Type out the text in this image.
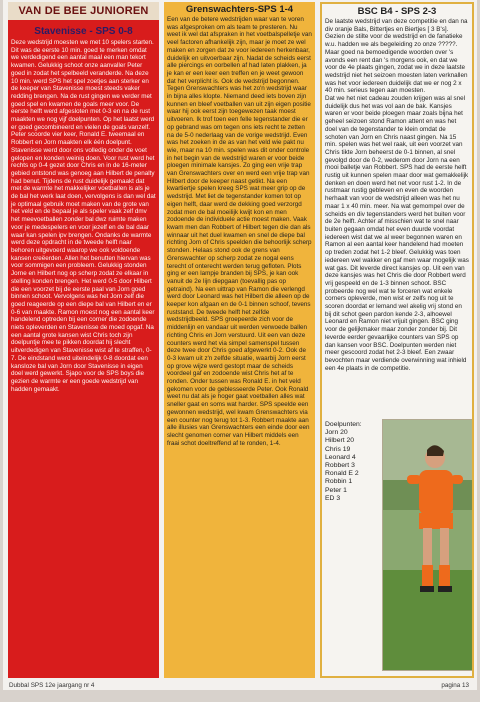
VAN DE BEE JUNIOREN
Stavenisse - SPS 0-8

Deze wedstrijd moesten we met 10 spelers starten. Dit was de eerste 10 min. goed te merken omdat we verdedigend een aantal maal een man tekort kwamen. Gelukkig schoot onze aanvaller Peter goed in zodat het spelbeeld veranderde. Na deze 10 min. werd SPS het spel zoetjes aan sterker en de keeper van Stavenisse moest steeds vaker redding brengen. Na de rust gingen we verder met goed spel en kwamen de goals meer voor. De eerste helft werd afgesloten met 0-3 en na de rust maakten we nog vijf doelpunten. Op het laatst werd er goed gecombineerd en vielen de goals vanzelf. Peter scoorde vier keer, Ronald E. tweemaal en Robbert en Jorn maakten elk één doelpunt. Stavenisse werd door ons volledig onder de voet gelopen en konden weinig doen. Voor rust werd het rechts op 0-4 gezet door Chris en in de 16-meter gebied ontstond was genoeg aan Hilbert de penalty had benut. Tijdens de rust duidelijk gemaakt dat met de warmte het makkelijker voetballen is als je de bal het werk laat doen, vervolgens is dan wel dat je optimaal gebruik moet maken van de grote van het veld en de bepaal je als speler vaak zelf dmv het meevoetballen zonder bal dwz ruimte maken voor je medespelers en voor jezelf en de bal daar waar kan spelen ipv brengen. Ondanks de warmte werd deze opdracht in de tweede helft naar behoren uitgevoerd waarop we ook voldoende kansen creëerden. Allen het benutten hiervan was voor sommigen een probleem. Gelukkig stonden Jorne en Hilbert nog op scherp zodat ze elkaar in stelling konden brengen. Het werd 0-5 door Hilbert die een voorzet bij de eerste paal van Jorn goed binnen schoot. Vervolgens was het Jorn zelf die goed reageerde op een diepe bal van Hilbert en er 0-6 van maakte. Ramon moest nog een aantal keer handelend optreden bij een corner die zodoende niets opleverden en Stavenisse de moed opgaf. Na een aantal grote kansen wist Chris toch zijn doelpuntje mee te pikken doordat hij slecht uitverdedigen van Stavenisse wist af te straffen, 0-7. De eindstand werd uiteindelijk 0-8 doordat een kansloze bal van Jorn door Stavenisse in eigen doel werd gewerkt. Sjapo voor de SPS boys die gezien de warmte er een goede wedstrijd van hadden gemaakt.

Grenswachters-SPS 1-4

Een van de betere wedstrijden waar van te voren was afgesproken om als team te presteren. Nu weet ik wel dat afspraken in het voetbalspelletje van veel factoren afhankelijk zijn, maar je moet ze wel maken en zorgen dat ze voor iedereen herkenbaar, duidelijk en uitvoerbaar zijn. Nadat de scheids eerst alle piercings en oorbellen af had laten plakken, ja je kan er een keer een treffen en je weet gewoon dat het verplicht is. Ook de wedstrijd begonnen. Tegen Grenswachters was het zo'n wedstrijd waar in bijna alles klopte. Niemand deed iets boven zijn kunnen en bleef voetballen van uit zijn eigen positie waar hij ook eerst zijn toegewezen taak moest uitvoeren. Ik trof toen een felle tegenstander die er op gebrand was om tegen ons iets recht te zetten na de 5-0 nederlaag van de vorige wedstrijd. Even was het zoeken in de as van het veld wie pakt nu wie, maar na 10 min. spelen was dit onder controle in het begin van de wedstrijd waren er voor beide ploegen minimale kansjes. Zo ging een vrije trap van Grenswachters over en werd een vrije trap van Hilbert door de keeper naast getikt. Na een kwartiertje spelen kreeg SPS wat meer grip op de wedstrijd. Met liet de tegenstander komen tot op eigen helft, daar werd de dekking goed verzorgd zodat men de bal moeilijk kwijt kon en men zodoende de individuele actie moest maken. Vaak kwam men dan Robbert of Hilbert tegen die dan als winnaar uit het duel kwamen en snel de diepe bal richting Jorn of Chris speelden die behoorlijk scherp stonden. Helaas stond ook de grens van Grenswachter op scherp zodat ze nogal eens terecht of onterecht werden terug gefloten. Plots ging er een lampje branden bij SPS, je kan ook vanuit de 2e lijn diepgaan (toevallig pas op getraind). Na een uittrap van Ramon die verlengd werd door Leonard was het Hilbert die alleen op de keeper kon afgaan en de 0-1 binnen schoof, tevens ruststand. De tweede helft het zelfde wedstrijdbeeld. SPS groepeerde zich voor de middenlijn en vandaar uit werden verwoede ballen richting Chris en Jorn verstuurd. Uit een van deze counters werd het via simpel samenspel tussen deze twee door Chris goed afgewerkt 0-2. Ook de 0-3 kwam uit z'n zelfde situatie, waarbij Jorn eerst op grove wijze werd gestopt maar de scheids voordeel gaf en zodoende wist Chris het af te ronden. Onder tussen was Ronald E. in het veld gekomen voor de geblesseerde Peter. Ook Ronald weet nu dat als je hoger gaat voetballen alles wat sneller gaat en soms wat harder. SPS speelde een gewonnen wedstrijd, wel kwam Grenswachters via een counter nog terug tot 1-3. Robbert maakte aan alle illusies van Grenswachters een einde door een slecht genomen corner van Hilbert middels een fraai schot doeltreffend af te ronden, 1-4.

BSC B4 - SPS 2-3

De laatste wedstrijd van deze competitie en dan na div oranje Bals, Bittertjes en Biertjes [ 3 B's]. Gezien de stilte voor de wedstrijd en de fanatieke w.u. hadden we als begeleiding zo onze ?????. Maar goed na bemoedigende woorden over 's avonds een rent dan 's morgens ook, en dat we voor de 4e plaats gingen, zodat we in deze laatste wedstrijd niet het seizoen moesten laten verknallen was het voor iedereen duidelijk dat we er nog 2 x 40 min. serieus tegen aan moesten.
Dat we het niet cadeau zouden krijgen was al snel duidelijk dus het was vol aan de bak. Kansjes waren er voor beide ploegen maar zoals bijna het geheel seizoen stond Ramon attent en was het doel van de tegenstander te klein omdat de schoten van Jorn en Chris naast gingen. Na 15 min. spelen was het wel raak, uit een voorzet van Chris tikte Jorn beheerst de 0-1 binnen, al snel gevolgd door de 0-2, wederom door Jorn na een mooi balletje van Robbert. SPS had de eerste helft rustig uit kunnen spelen maar door wat gemakkelijk denken en doen werd het net voor rust 1-2. In de rustmaar rustig gebleven en even de woorden herhaalt van voor de wedstrijd alleen was het nu maar 1 x 40 min. meer. Na wat gemompel over de scheids en div tegenstanders werd het buiten voor de 2e helft. Achter af misschien wat te snel naar buiten gegaan omdat het even duurde voordat iedereen wist dat we al weer begonnen waren en Ramon al een aantal keer handelend had moeten op treden zodat het 1-2 bleef. Gelukkig was toen iedereen wel wakker en gaf men waar mogelijk was wat gas. Dit leverde direct kansjes op. Uit een van deze kansjes was het Chris die door Robbert werd vrij gespeeld en de 1-3 binnen schoot. BSC probeerde nog wel wat te forceren wat enkele corners opleverde, men wist er zelfs nog uit te scoren doordat er lemand wel akelig vrij stond en bij dit schot geen pardon kende 2-3, alhoewel Leonard en Ramon niet vrijuit gingen. BSC ging voor de gelijkmaker maar zonder zonder bij. Dit leverde eerder gevaarlijke counters van SPS op dan kansen voor BSC. Doelpunten werden niet meer gescoord zodat het 2-3 bleef. Een zwaar bevochten maar verdiende overwinning wat inhield een 4e plaats in de competitie.

Doelpunten:
Jorn 20
Hilbert 20
Chris 19
Leonard 4
Robbert 3
Ronald E 2
Robbin 1
Peter 1
ED 3
Dubbal SPS 12e jaargang nr 4	pagina 13
